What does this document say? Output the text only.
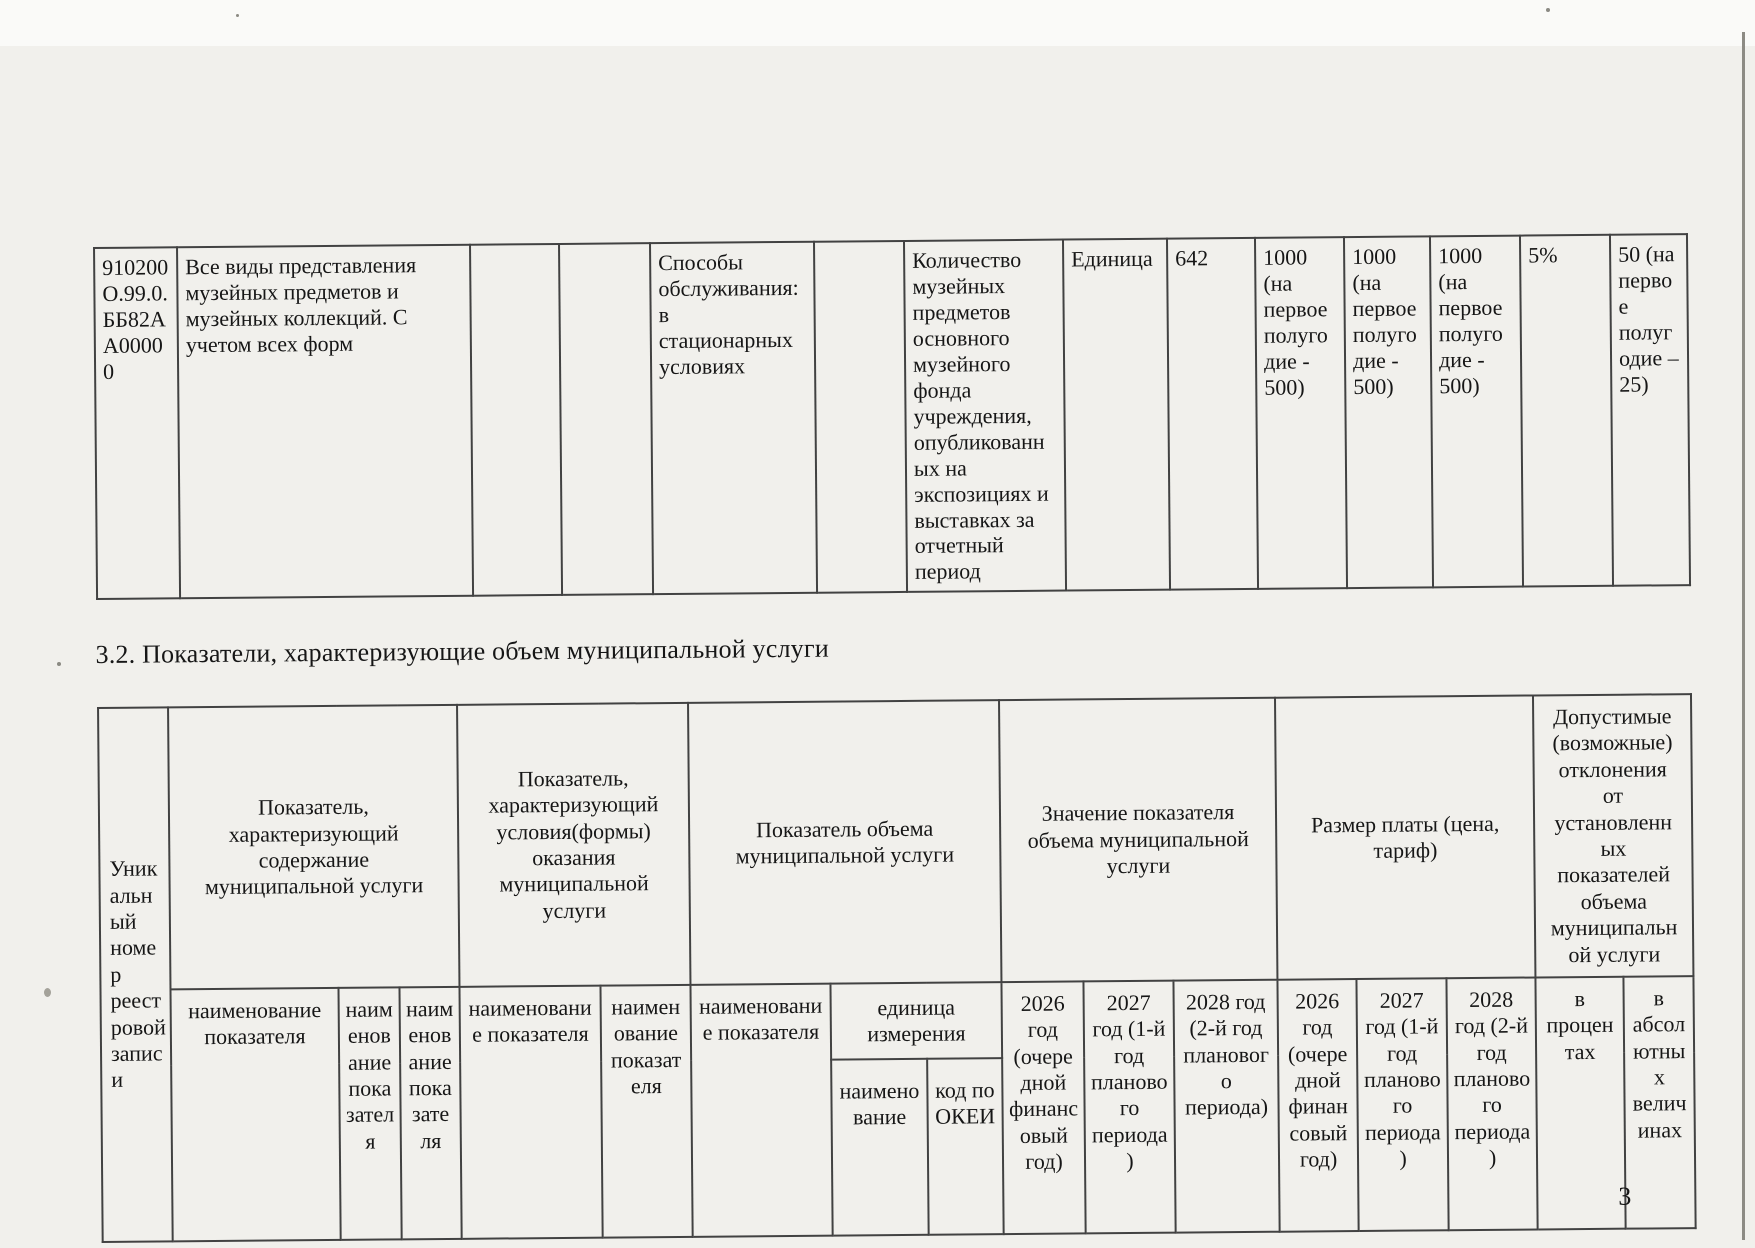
910200О.99.0.ББ82АА00000	Все виды представления музейных предметов и музейных коллекций. С учетом всех форм			Способы обслуживания: в стационарных условиях		Количество музейных предметов основного музейного фонда учреждения, опубликованных на экспозициях и выставках за отчетный период	Единица	642	1000 (на первое полугодие - 500)	1000 (на первое полугодие - 500)	1000 (на первое полугодие - 500)	5%	50 (на первое полугодие – 25)
3.2. Показатели, характеризующие объем муниципальной услуги
Уникальный номер реестровой записи	Показатель, характеризующий содержание муниципальной услуги			Показатель, характеризующий условия(формы) оказания муниципальной услуги		Показатель объема муниципальной услуги			Значение показателя объема муниципальной услуги			Размер платы (цена, тариф)			Допустимые (возможные) отклонения от установленных показателей объема муниципальной услуги	
	наименование показателя	наименование показателя	наименование показателя	наименование показателя	наименование показателя	наименование показателя	единица измерения		2026 год (очередной финансовый год)	2027 год (1-й год планового периода)	2028 год (2-й год планового периода)	2026 год (очередной финансовый год)	2027 год (1-й год планового периода)	2028 год (2-й год планового периода)	в процентах	в абсолютных величинах
							наименование	код по ОКЕИ								
3
